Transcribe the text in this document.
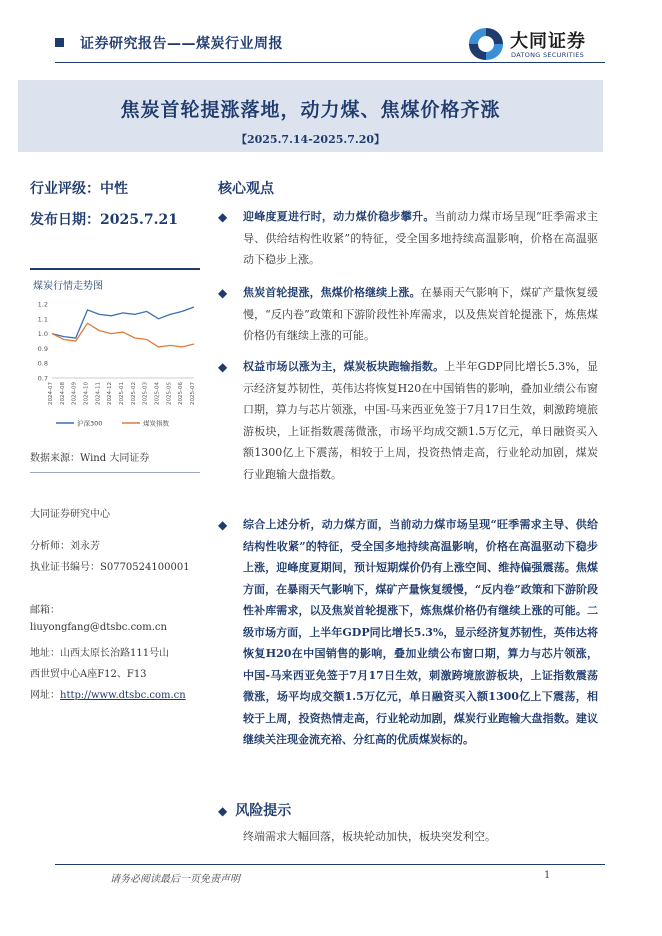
证券研究报告——煤炭行业周报	大同证券
DATONG SECURITIES
焦炭首轮提涨落地，动力煤、焦煤价格齐涨
【2025.7.14-2025.7.20】
行业评级：中性
发布日期：2025.7.21
煤炭行情走势图
1.2
1.1
1.0
0.9
0.8
0.7
2024-07 2024-08 2024-09 2024-10 2024-11 2024-12 2025-01 2025-02 2025-03 2025-04 2025-05 2025-06 2025-07
沪深300	煤炭指数
数据来源：Wind 大同证券
大同证券研究中心
分析师：刘永芳
执业证书编号：S0770524100001
邮箱：
liuyongfang@dtsbc.com.cn
地址：山西太原长治路111号山
西世贸中心A座F12、F13
网址：http://www.dtsbc.com.cn
核心观点
◆ 迎峰度夏进行时，动力煤价稳步攀升。当前动力煤市场呈现“旺季需求主导、供给结构性收紧”的特征，受全国多地持续高温影响，价格在高温驱动下稳步上涨。
◆ 焦炭首轮提涨，焦煤价格继续上涨。在暴雨天气影响下，煤矿产量恢复缓慢，“反内卷”政策和下游阶段性补库需求，以及焦炭首轮提涨下，炼焦煤价格仍有继续上涨的可能。
◆ 权益市场以涨为主，煤炭板块跑输指数。上半年GDP同比增长5.3%，显示经济复苏韧性，英伟达将恢复H20在中国销售的影响，叠加业绩公布窗口期，算力与芯片领涨，中国-马来西亚免签于7月17日生效，刺激跨境旅游板块，上证指数震荡微涨，市场平均成交额1.5万亿元，单日融资买入额1300亿上下震荡，相较于上周，投资热情走高，行业轮动加剧，煤炭行业跑输大盘指数。
◆ 综合上述分析，动力煤方面，当前动力煤市场呈现“旺季需求主导、供给结构性收紧”的特征，受全国多地持续高温影响，价格在高温驱动下稳步上涨，迎峰度夏期间，预计短期煤价仍有上涨空间、维持偏强震荡。焦煤方面，在暴雨天气影响下，煤矿产量恢复缓慢，“反内卷”政策和下游阶段性补库需求，以及焦炭首轮提涨下，炼焦煤价格仍有继续上涨的可能。二级市场方面，上半年GDP同比增长5.3%，显示经济复苏韧性，英伟达将恢复H20在中国销售的影响，叠加业绩公布窗口期，算力与芯片领涨，中国-马来西亚免签于7月17日生效，刺激跨境旅游板块，上证指数震荡微涨，场平均成交额1.5万亿元，单日融资买入额1300亿上下震荡，相较于上周，投资热情走高，行业轮动加剧，煤炭行业跑输大盘指数。建议继续关注现金流充裕、分红高的优质煤炭标的。
◆ 风险提示
终端需求大幅回落，板块轮动加快，板块突发利空。
请务必阅读最后一页免责声明	1
